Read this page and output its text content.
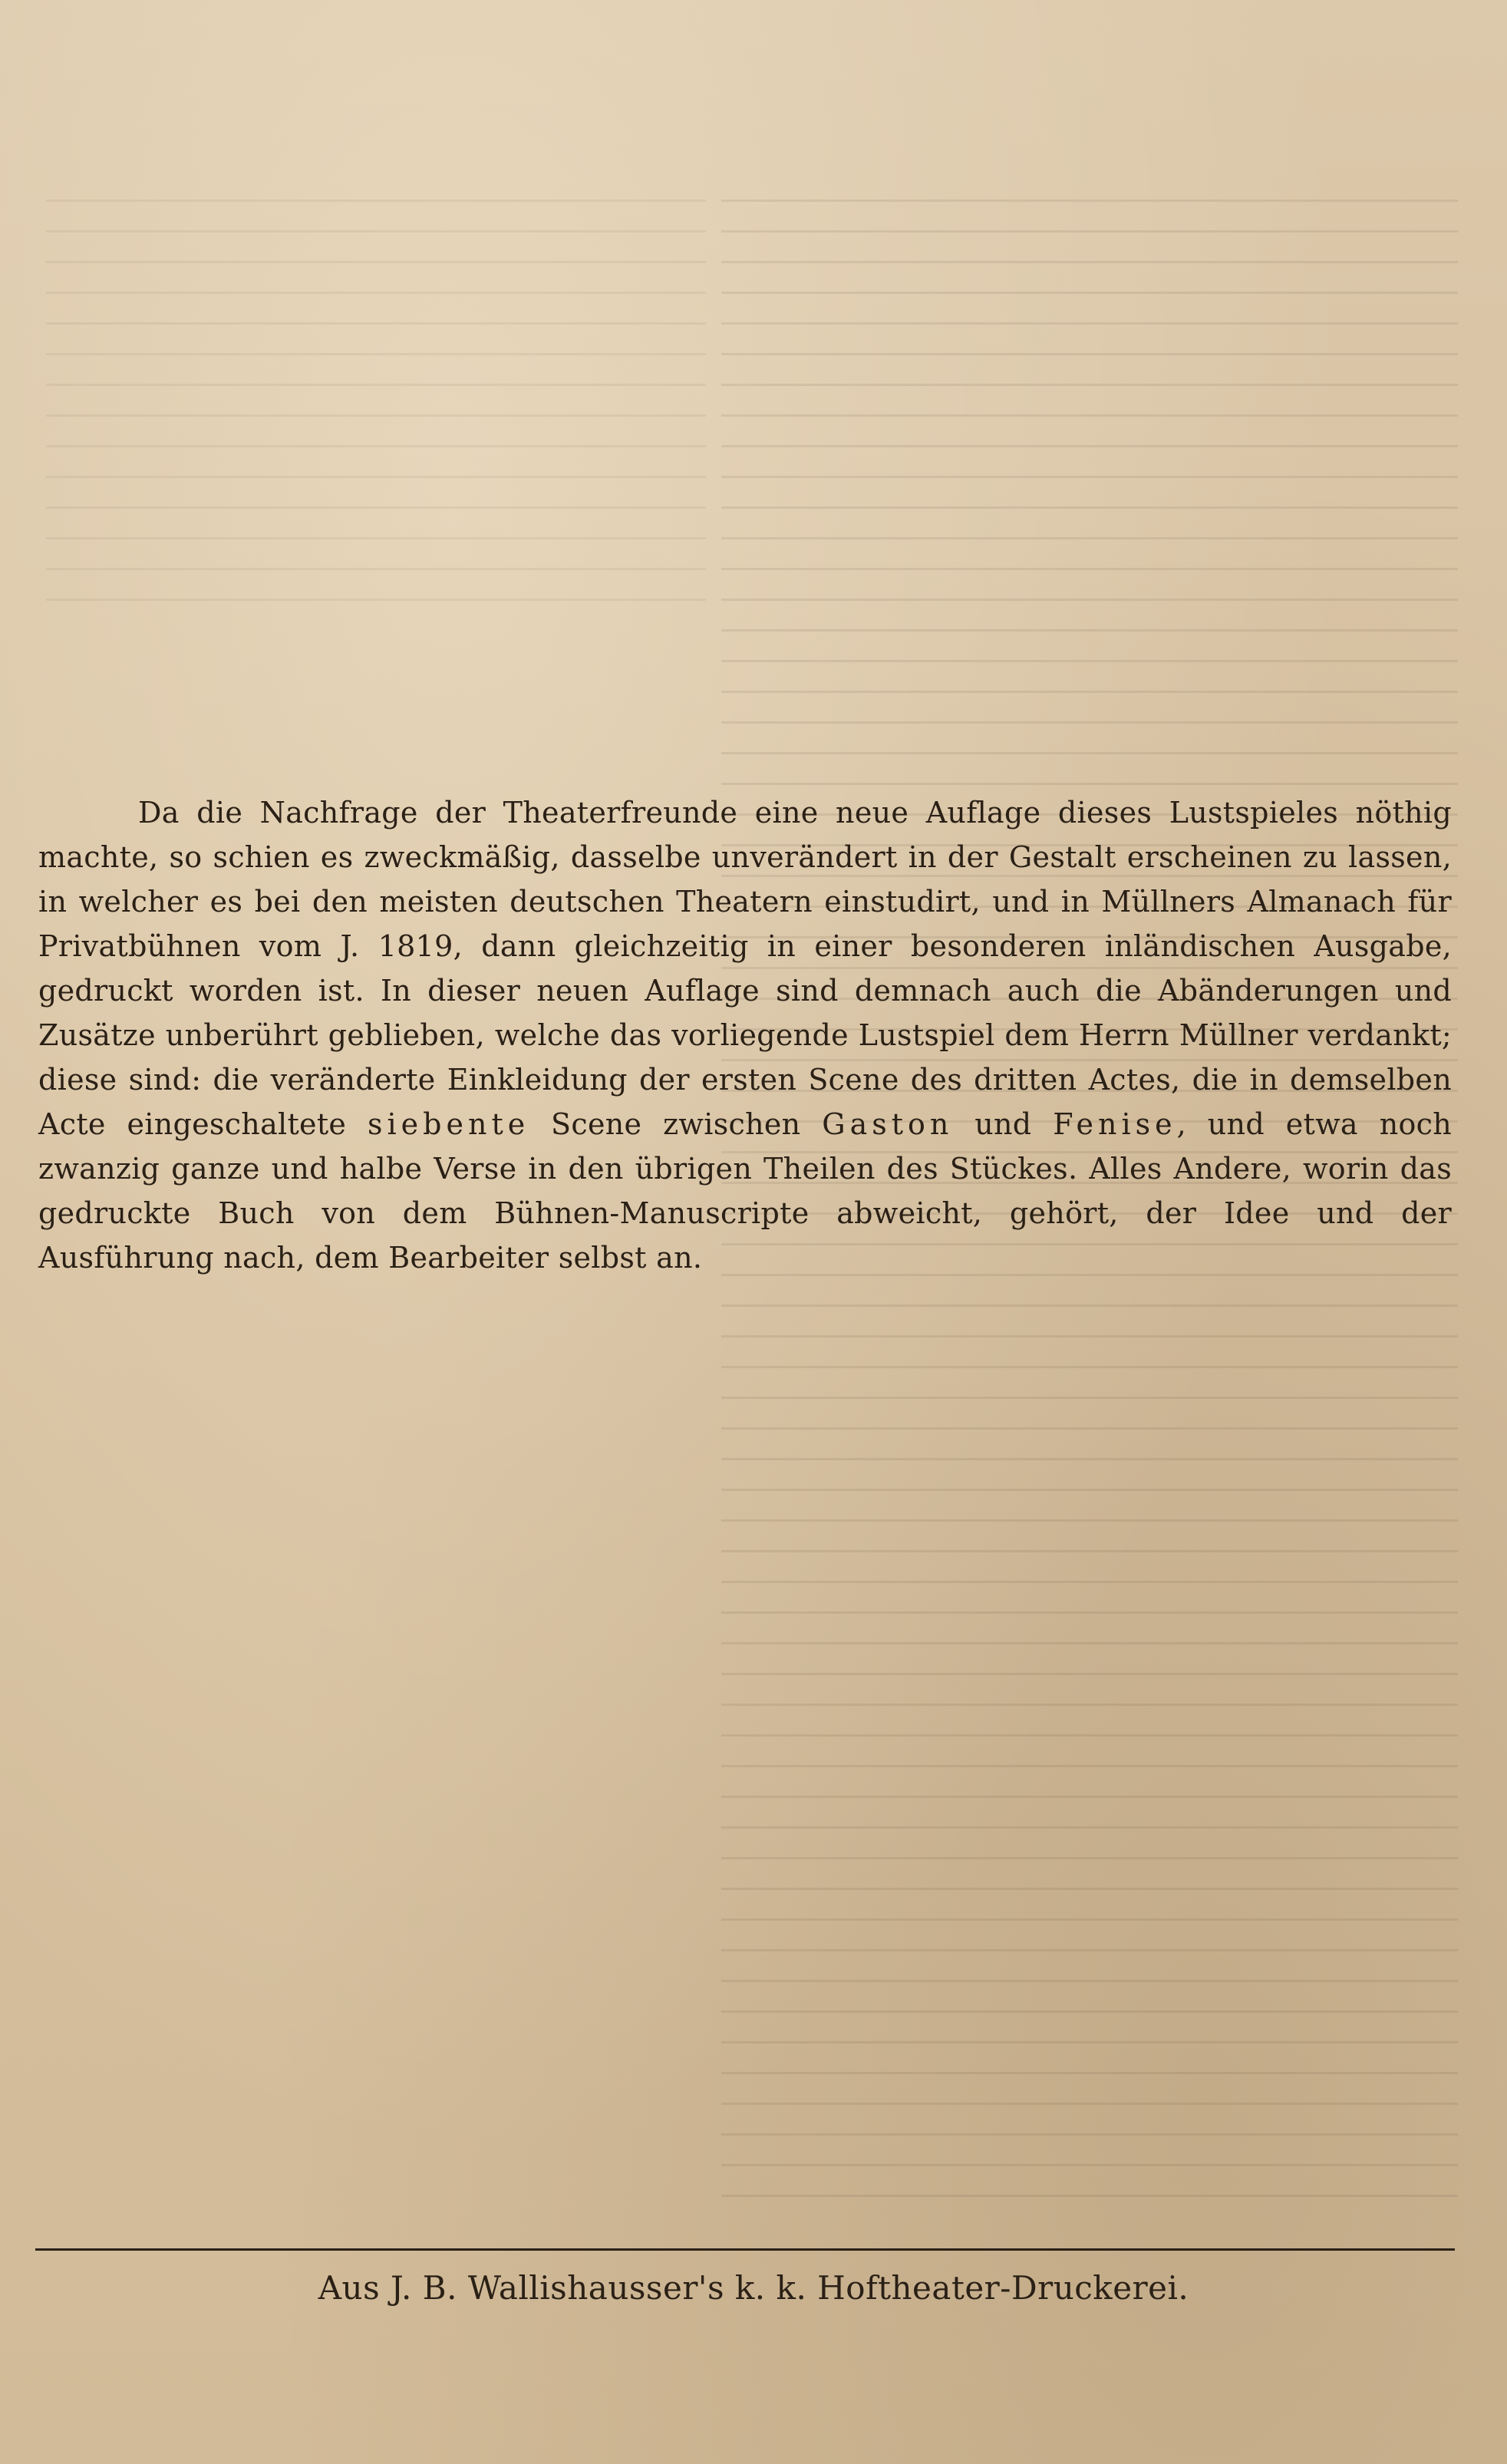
Da die Nachfrage der Theaterfreunde eine neue Auflage dieses Lustspieles nöthig machte, so schien es zweckmäßig, dasselbe unverändert in der Gestalt erscheinen zu lassen, in welcher es bei den meisten deutschen Theatern einstudirt, und in Müllners Almanach für Privatbühnen vom J. 1819, dann gleichzeitig in einer besonderen inländischen Ausgabe, gedruckt worden ist. In dieser neuen Auflage sind demnach auch die Abänderungen und Zusätze unberührt geblieben, welche das vorliegende Lustspiel dem Herrn Müllner verdankt; diese sind: die veränderte Einkleidung der ersten Scene des dritten Actes, die in demselben Acte eingeschaltete siebente Scene zwischen Gaston und Fenise, und etwa noch zwanzig ganze und halbe Verse in den übrigen Theilen des Stückes. Alles Andere, worin das gedruckte Buch von dem Bühnen-Manuscripte abweicht, gehört, der Idee und der Ausführung nach, dem Bearbeiter selbst an.

Aus J. B. Wallishausser's k. k. Hoftheater-Druckerei.
